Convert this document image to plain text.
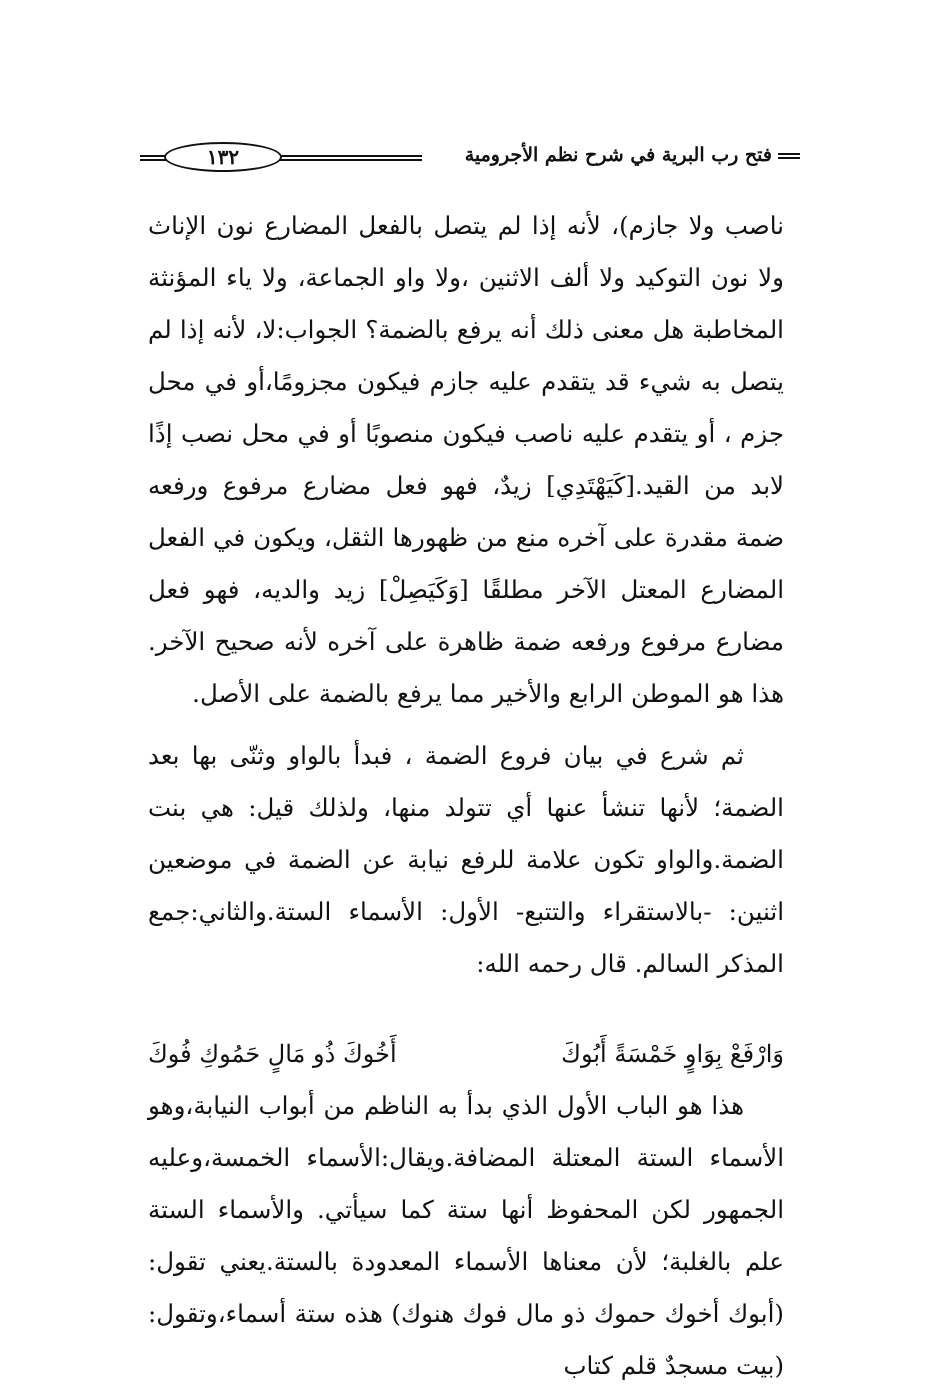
فتح رب البرية في شرح نظم الأجرومية
١٣٢

ناصب ولا جازم)، لأنه إذا لم يتصل بالفعل المضارع نون الإناث ولا نون التوكيد ولا ألف الاثنين ،ولا واو الجماعة، ولا ياء المؤنثة المخاطبة هل معنى ذلك أنه يرفع بالضمة؟ الجواب:لا، لأنه إذا لم يتصل به شيء قد يتقدم عليه جازم فيكون مجزومًا،أو في محل جزم ، أو يتقدم عليه ناصب فيكون منصوبًا أو في محل نصب إذًا لابد من القيد.[كَيَهْتَدِي] زيدٌ، فهو فعل مضارع مرفوع ورفعه ضمة مقدرة على آخره منع من ظهورها الثقل، ويكون في الفعل المضارع المعتل الآخر مطلقًا [وَكَيَصِلْ] زيد والديه، فهو فعل مضارع مرفوع ورفعه ضمة ظاهرة على آخره لأنه صحيح الآخر. هذا هو الموطن الرابع والأخير مما يرفع بالضمة على الأصل.

ثم شرع في بيان فروع الضمة ، فبدأ بالواو وثنّى بها بعد الضمة؛ لأنها تنشأ عنها أي تتولد منها، ولذلك قيل: هي بنت الضمة.والواو تكون علامة للرفع نيابة عن الضمة في موضعين اثنين: -بالاستقراء والتتبع- الأول: الأسماء الستة.والثاني:جمع المذكر السالم. قال رحمه الله:

وَارْفَعْ بِوَاوٍ خَمْسَةً أَبُوكَ
أَخُوكَ ذُو مَالٍ حَمُوكِ فُوكَ

هذا هو الباب الأول الذي بدأ به الناظم من أبواب النيابة،وهو الأسماء الستة المعتلة المضافة.ويقال:الأسماء الخمسة،وعليه الجمهور لكن المحفوظ أنها ستة كما سيأتي. والأسماء الستة علم بالغلبة؛ لأن معناها الأسماء المعدودة بالستة.يعني تقول:(أبوك أخوك حموك ذو مال فوك هنوك) هذه ستة أسماء،وتقول: (بيت مسجدٌ قلم كتاب
